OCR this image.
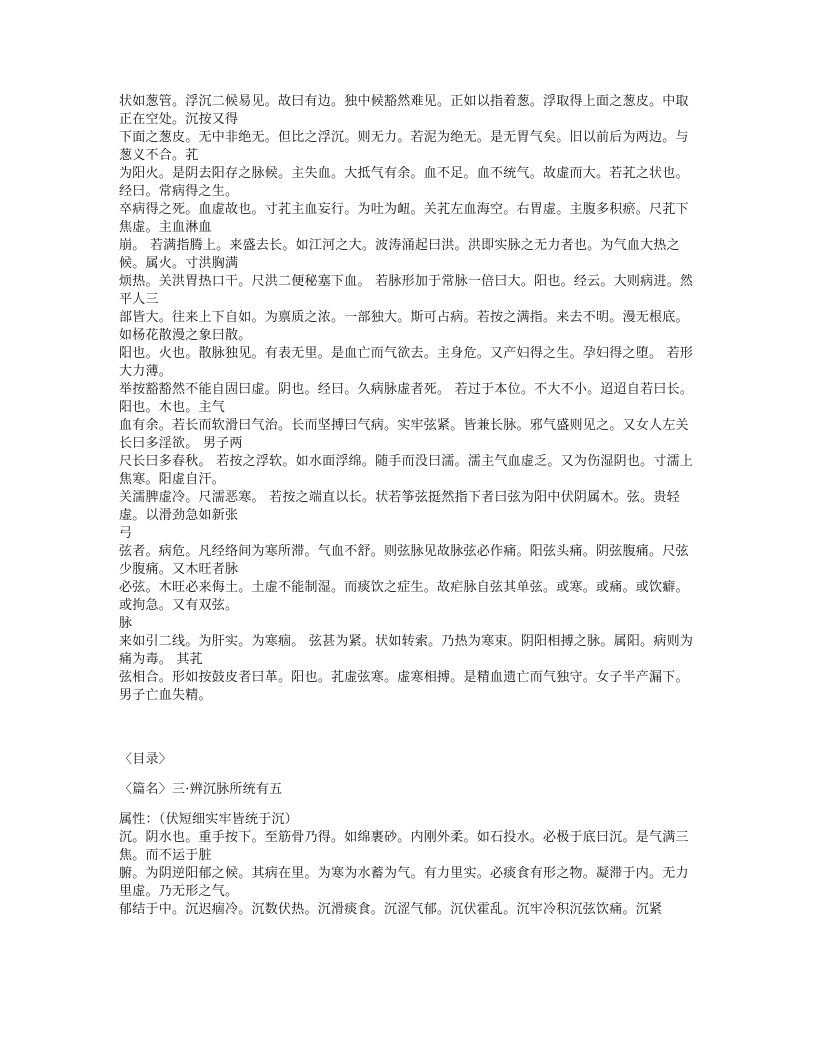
状如葱管。浮沉二候易见。故曰有边。独中候豁然难见。正如以指着葱。浮取得上面之葱皮。中取正在空处。沉按又得
下面之葱皮。无中非绝无。但比之浮沉。则无力。若泥为绝无。是无胃气矣。旧以前后为两边。与葱义不合。芤
为阳火。是阴去阳存之脉候。主失血。大抵气有余。血不足。血不统气。故虚而大。若芤之状也。经曰。常病得之生。
卒病得之死。血虚故也。寸芤主血妄行。为吐为衄。关芤左血海空。右胃虚。主腹多积瘀。尺芤下焦虚。主血淋血
崩。 若满指腾上。来盛去长。如江河之大。波涛涌起曰洪。洪即实脉之无力者也。为气血大热之候。属火。寸洪胸满
烦热。关洪胃热口干。尺洪二便秘塞下血。 若脉形加于常脉一倍曰大。阳也。经云。大则病进。然平人三
部皆大。往来上下自如。为禀质之浓。一部独大。斯可占病。若按之满指。来去不明。漫无根底。如杨花散漫之象曰散。
阳也。火也。散脉独见。有表无里。是血亡而气欲去。主身危。又产妇得之生。孕妇得之堕。 若形大力薄。
举按豁豁然不能自固曰虚。阴也。经曰。久病脉虚者死。 若过于本位。不大不小。迢迢自若曰长。阳也。木也。主气
血有余。若长而软滑曰气治。长而坚搏曰气病。实牢弦紧。皆兼长脉。邪气盛则见之。又女人左关长曰多淫欲。 男子两
尺长曰多春秋。 若按之浮软。如水面浮绵。随手而没曰濡。濡主气血虚乏。又为伤湿阴也。寸濡上焦寒。阳虚自汗。
关濡脾虚冷。尺濡恶寒。 若按之端直以长。状若筝弦挺然指下者曰弦为阳中伏阴属木。弦。贵轻虚。以滑劲急如新张
弓
弦者。病危。凡经络间为寒所滞。气血不舒。则弦脉见故脉弦必作痛。阳弦头痛。阴弦腹痛。尺弦少腹痛。又木旺者脉
必弦。木旺必来侮土。土虚不能制湿。而痰饮之症生。故疟脉自弦其单弦。或寒。或痛。或饮癖。或拘急。又有双弦。
脉
来如引二线。为肝实。为寒痼。 弦甚为紧。状如转索。乃热为寒束。阴阳相搏之脉。属阳。病则为痛为毒。 其芤
弦相合。形如按鼓皮者曰革。阳也。芤虚弦寒。虚寒相搏。是精血遗亡而气独守。女子半产漏下。男子亡血失精。
〈目录〉
〈篇名〉三·辨沉脉所统有五
属性：（伏短细实牢皆统于沉）
沉。阴水也。重手按下。至筋骨乃得。如绵裹砂。内刚外柔。如石投水。必极于底曰沉。是气满三焦。而不运于脏
腑。为阴逆阳郁之候。其病在里。为寒为水蓄为气。有力里实。必痰食有形之物。凝滞于内。无力里虚。乃无形之气。
郁结于中。沉迟痼冷。沉数伏热。沉滑痰食。沉涩气郁。沉伏霍乱。沉牢冷积沉弦饮痛。沉紧
